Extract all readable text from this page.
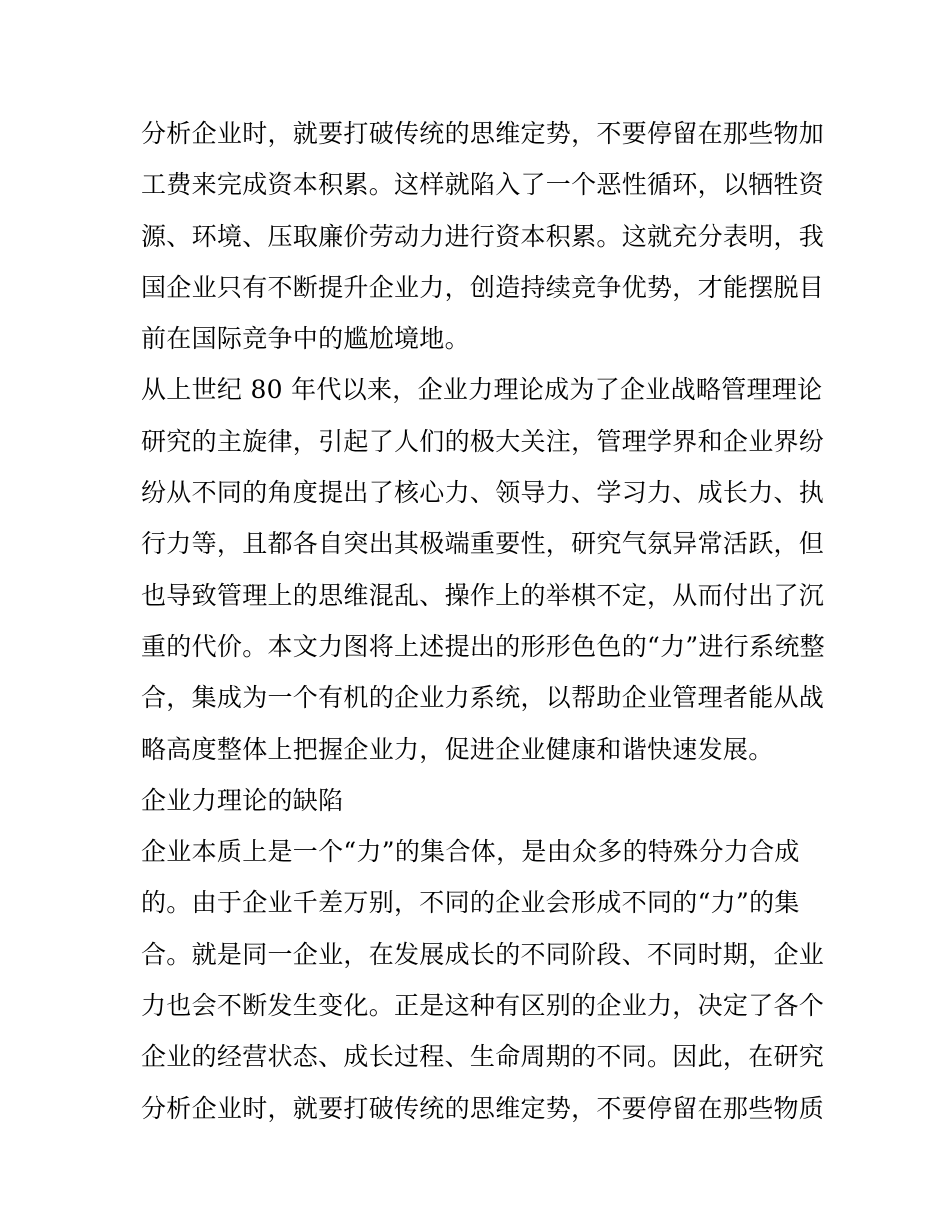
分析企业时，就要打破传统的思维定势，不要停留在那些物加
工费来完成资本积累。这样就陷入了一个恶性循环，以牺牲资
源、环境、压取廉价劳动力进行资本积累。这就充分表明，我
国企业只有不断提升企业力，创造持续竞争优势，才能摆脱目
前在国际竞争中的尴尬境地。
从上世纪 80 年代以来，企业力理论成为了企业战略管理理论
研究的主旋律，引起了人们的极大关注，管理学界和企业界纷
纷从不同的角度提出了核心力、领导力、学习力、成长力、执
行力等，且都各自突出其极端重要性，研究气氛异常活跃，但
也导致管理上的思维混乱、操作上的举棋不定，从而付出了沉
重的代价。本文力图将上述提出的形形色色的“力”进行系统整
合，集成为一个有机的企业力系统，以帮助企业管理者能从战
略高度整体上把握企业力，促进企业健康和谐快速发展。
企业力理论的缺陷
企业本质上是一个“力”的集合体，是由众多的特殊分力合成
的。由于企业千差万别，不同的企业会形成不同的“力”的集
合。就是同一企业，在发展成长的不同阶段、不同时期，企业
力也会不断发生变化。正是这种有区别的企业力，决定了各个
企业的经营状态、成长过程、生命周期的不同。因此，在研究
分析企业时，就要打破传统的思维定势，不要停留在那些物质
